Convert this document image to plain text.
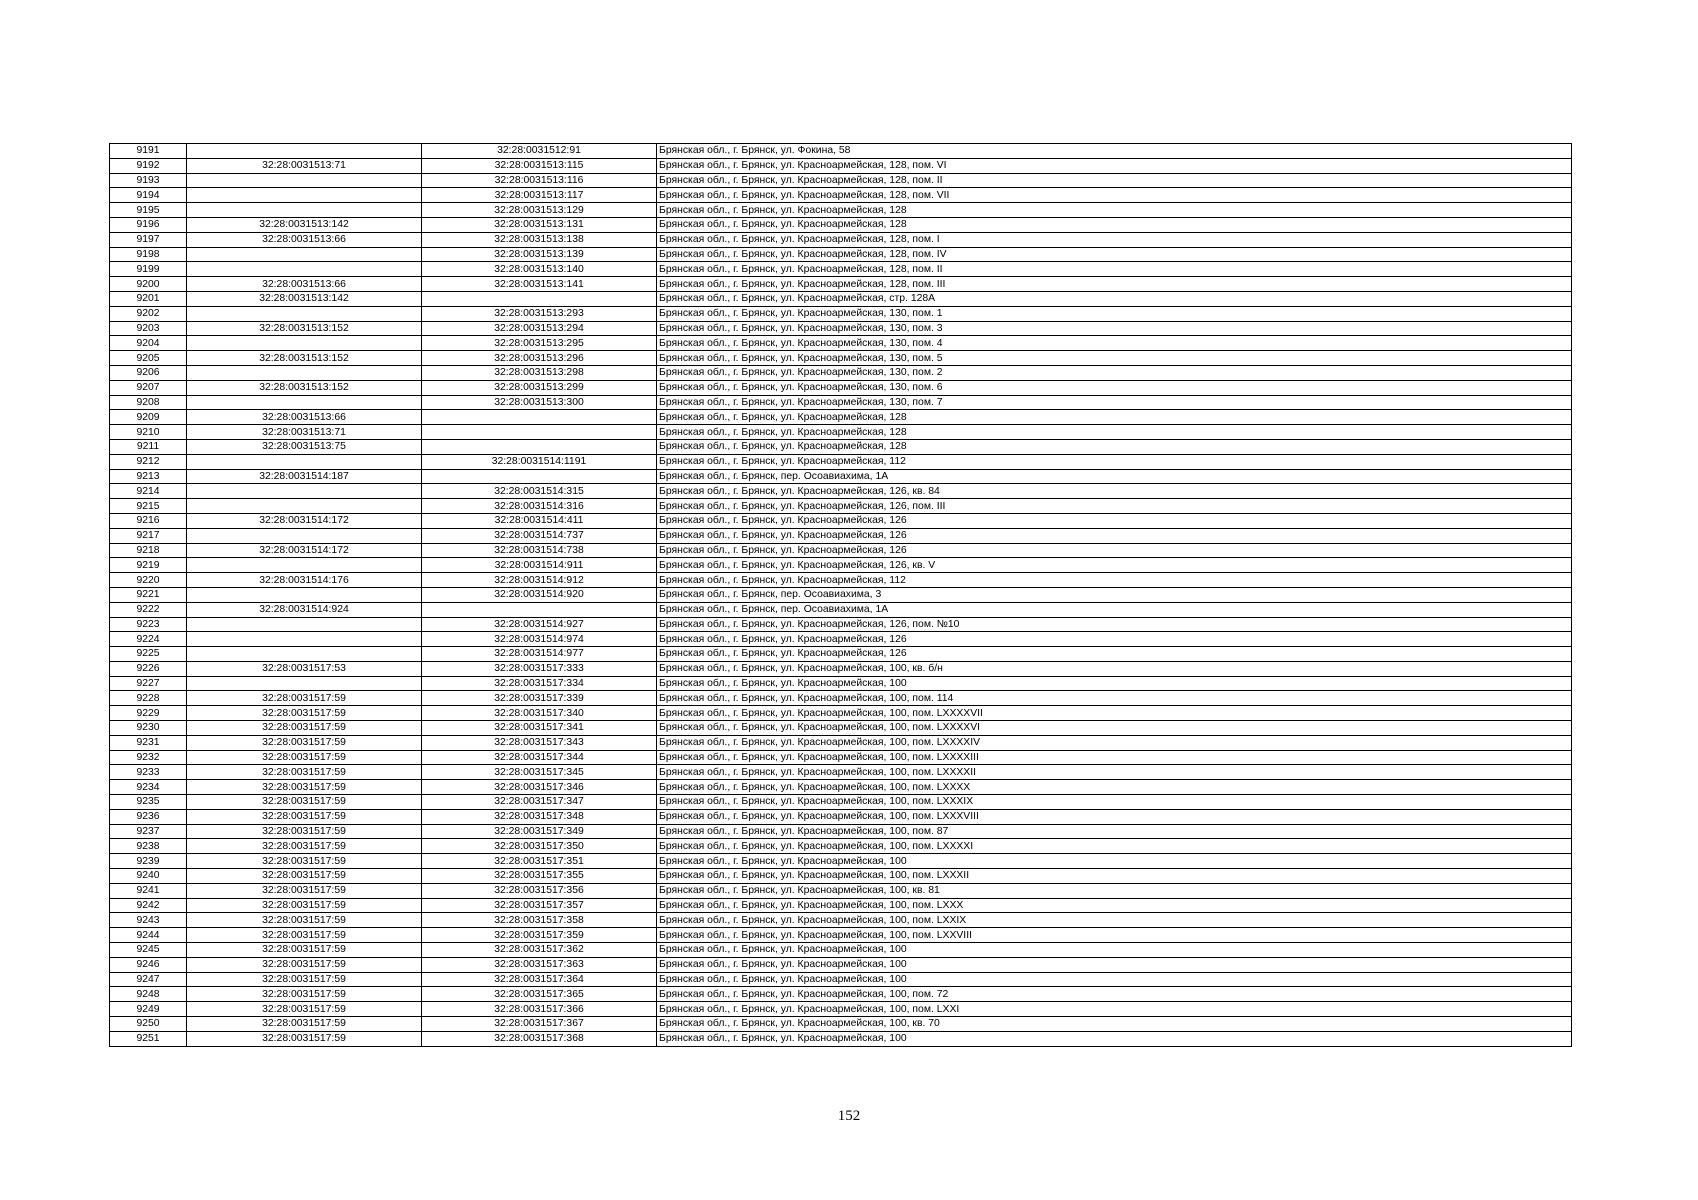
9191		32:28:0031512:91	Брянская обл., г. Брянск, ул. Фокина, 58
9192	32:28:0031513:71	32:28:0031513:115	Брянская обл., г. Брянск, ул. Красноармейская, 128, пом. VI
9193		32:28:0031513:116	Брянская обл., г. Брянск, ул. Красноармейская, 128, пом. II
9194		32:28:0031513:117	Брянская обл., г. Брянск, ул. Красноармейская, 128, пом. VII
9195		32:28:0031513:129	Брянская обл., г. Брянск, ул. Красноармейская, 128
9196	32:28:0031513:142	32:28:0031513:131	Брянская обл., г. Брянск, ул. Красноармейская, 128
9197	32:28:0031513:66	32:28:0031513:138	Брянская обл., г. Брянск, ул. Красноармейская, 128, пом. I
9198		32:28:0031513:139	Брянская обл., г. Брянск, ул. Красноармейская, 128, пом. IV
9199		32:28:0031513:140	Брянская обл., г. Брянск, ул. Красноармейская, 128, пом. II
9200	32:28:0031513:66	32:28:0031513:141	Брянская обл., г. Брянск, ул. Красноармейская, 128, пом. III
9201	32:28:0031513:142		Брянская обл., г. Брянск, ул. Красноармейская, стр. 128А
9202		32:28:0031513:293	Брянская обл., г. Брянск, ул. Красноармейская, 130, пом. 1
9203	32:28:0031513:152	32:28:0031513:294	Брянская обл., г. Брянск, ул. Красноармейская, 130, пом. 3
9204		32:28:0031513:295	Брянская обл., г. Брянск, ул. Красноармейская, 130, пом. 4
9205	32:28:0031513:152	32:28:0031513:296	Брянская обл., г. Брянск, ул. Красноармейская, 130, пом. 5
9206		32:28:0031513:298	Брянская обл., г. Брянск, ул. Красноармейская, 130, пом. 2
9207	32:28:0031513:152	32:28:0031513:299	Брянская обл., г. Брянск, ул. Красноармейская, 130, пом. 6
9208		32:28:0031513:300	Брянская обл., г. Брянск, ул. Красноармейская, 130, пом. 7
9209	32:28:0031513:66		Брянская обл., г. Брянск, ул. Красноармейская, 128
9210	32:28:0031513:71		Брянская обл., г. Брянск, ул. Красноармейская, 128
9211	32:28:0031513:75		Брянская обл., г. Брянск, ул. Красноармейская, 128
9212		32:28:0031514:1191	Брянская обл., г. Брянск, ул. Красноармейская, 112
9213	32:28:0031514:187		Брянская обл., г. Брянск, пер. Осоавиахима, 1А
9214		32:28:0031514:315	Брянская обл., г. Брянск, ул. Красноармейская, 126, кв. 84
9215		32:28:0031514:316	Брянская обл., г. Брянск, ул. Красноармейская, 126, пом. III
9216	32:28:0031514:172	32:28:0031514:411	Брянская обл., г. Брянск, ул. Красноармейская, 126
9217		32:28:0031514:737	Брянская обл., г. Брянск, ул. Красноармейская, 126
9218	32:28:0031514:172	32:28:0031514:738	Брянская обл., г. Брянск, ул. Красноармейская, 126
9219		32:28:0031514:911	Брянская обл., г. Брянск, ул. Красноармейская, 126, кв. V
9220	32:28:0031514:176	32:28:0031514:912	Брянская обл., г. Брянск, ул. Красноармейская, 112
9221		32:28:0031514:920	Брянская обл., г. Брянск, пер. Осоавиахима, 3
9222	32:28:0031514:924		Брянская обл., г. Брянск, пер. Осоавиахима, 1А
9223		32:28:0031514:927	Брянская обл., г. Брянск, ул. Красноармейская, 126, пом. №10
9224		32:28:0031514:974	Брянская обл., г. Брянск, ул. Красноармейская, 126
9225		32:28:0031514:977	Брянская обл., г. Брянск, ул. Красноармейская, 126
9226	32:28:0031517:53	32:28:0031517:333	Брянская обл., г. Брянск, ул. Красноармейская, 100, кв. б/н
9227		32:28:0031517:334	Брянская обл., г. Брянск, ул. Красноармейская, 100
9228	32:28:0031517:59	32:28:0031517:339	Брянская обл., г. Брянск, ул. Красноармейская, 100, пом. 114
9229	32:28:0031517:59	32:28:0031517:340	Брянская обл., г. Брянск, ул. Красноармейская, 100, пом. LXXXXVII
9230	32:28:0031517:59	32:28:0031517:341	Брянская обл., г. Брянск, ул. Красноармейская, 100, пом. LXXXXVI
9231	32:28:0031517:59	32:28:0031517:343	Брянская обл., г. Брянск, ул. Красноармейская, 100, пом. LXXXXIV
9232	32:28:0031517:59	32:28:0031517:344	Брянская обл., г. Брянск, ул. Красноармейская, 100, пом. LXXXXIII
9233	32:28:0031517:59	32:28:0031517:345	Брянская обл., г. Брянск, ул. Красноармейская, 100, пом. LXXXXII
9234	32:28:0031517:59	32:28:0031517:346	Брянская обл., г. Брянск, ул. Красноармейская, 100, пом. LXXXX
9235	32:28:0031517:59	32:28:0031517:347	Брянская обл., г. Брянск, ул. Красноармейская, 100, пом. LXXXIX
9236	32:28:0031517:59	32:28:0031517:348	Брянская обл., г. Брянск, ул. Красноармейская, 100, пом. LXXXVIII
9237	32:28:0031517:59	32:28:0031517:349	Брянская обл., г. Брянск, ул. Красноармейская, 100, пом. 87
9238	32:28:0031517:59	32:28:0031517:350	Брянская обл., г. Брянск, ул. Красноармейская, 100, пом. LXXXXI
9239	32:28:0031517:59	32:28:0031517:351	Брянская обл., г. Брянск, ул. Красноармейская, 100
9240	32:28:0031517:59	32:28:0031517:355	Брянская обл., г. Брянск, ул. Красноармейская, 100, пом. LXXXII
9241	32:28:0031517:59	32:28:0031517:356	Брянская обл., г. Брянск, ул. Красноармейская, 100, кв. 81
9242	32:28:0031517:59	32:28:0031517:357	Брянская обл., г. Брянск, ул. Красноармейская, 100, пом. LXXX
9243	32:28:0031517:59	32:28:0031517:358	Брянская обл., г. Брянск, ул. Красноармейская, 100, пом. LXXIX
9244	32:28:0031517:59	32:28:0031517:359	Брянская обл., г. Брянск, ул. Красноармейская, 100, пом. LXXVIII
9245	32:28:0031517:59	32:28:0031517:362	Брянская обл., г. Брянск, ул. Красноармейская, 100
9246	32:28:0031517:59	32:28:0031517:363	Брянская обл., г. Брянск, ул. Красноармейская, 100
9247	32:28:0031517:59	32:28:0031517:364	Брянская обл., г. Брянск, ул. Красноармейская, 100
9248	32:28:0031517:59	32:28:0031517:365	Брянская обл., г. Брянск, ул. Красноармейская, 100, пом. 72
9249	32:28:0031517:59	32:28:0031517:366	Брянская обл., г. Брянск, ул. Красноармейская, 100, пом. LXXI
9250	32:28:0031517:59	32:28:0031517:367	Брянская обл., г. Брянск, ул. Красноармейская, 100, кв. 70
9251	32:28:0031517:59	32:28:0031517:368	Брянская обл., г. Брянск, ул. Красноармейская, 100
152
